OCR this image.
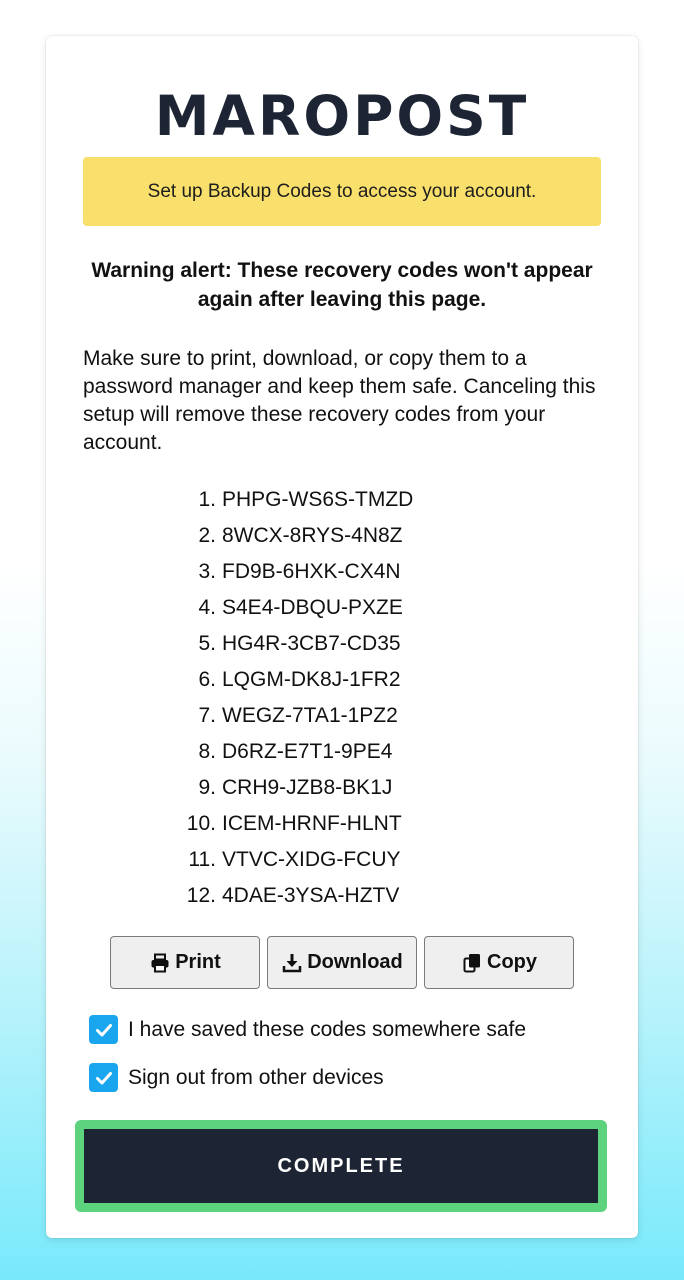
MAROPOST
Set up Backup Codes to access your account.
Warning alert: These recovery codes won't appear again after leaving this page.
Make sure to print, download, or copy them to a password manager and keep them safe. Canceling this setup will remove these recovery codes from your account.
1. PHPG-WS6S-TMZD
2. 8WCX-8RYS-4N8Z
3. FD9B-6HXK-CX4N
4. S4E4-DBQU-PXZE
5. HG4R-3CB7-CD35
6. LQGM-DK8J-1FR2
7. WEGZ-7TA1-1PZ2
8. D6RZ-E7T1-9PE4
9. CRH9-JZB8-BK1J
10. ICEM-HRNF-HLNT
11. VTVC-XIDG-FCUY
12. 4DAE-3YSA-HZTV
Print	Download	Copy
I have saved these codes somewhere safe
Sign out from other devices
COMPLETE
